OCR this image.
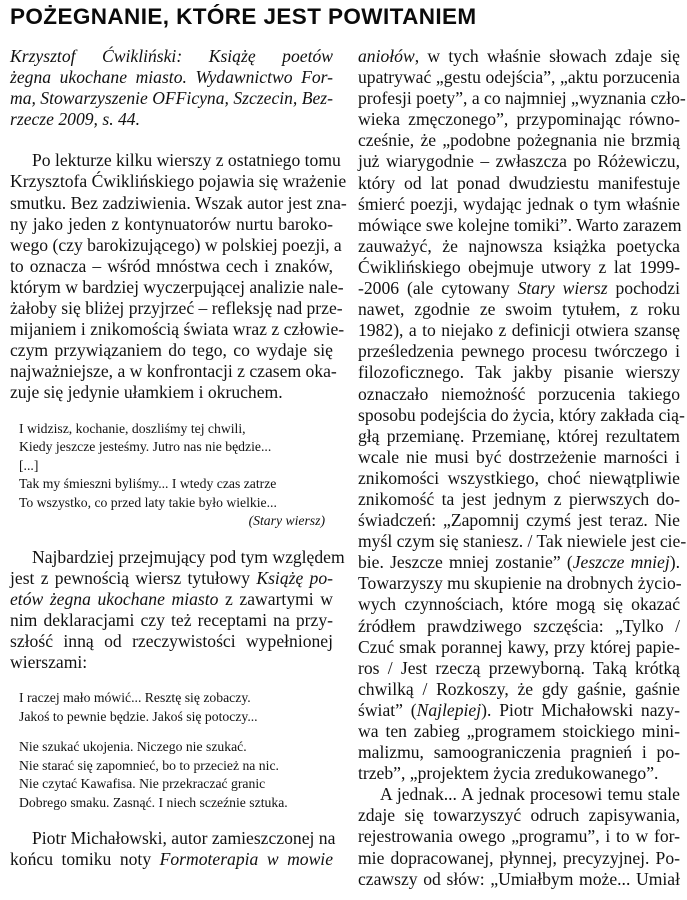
POŻEGNANIE, KTÓRE JEST POWITANIEM
Krzysztof Ćwikliński: Książę poetów
żegna ukochane miasto. Wydawnictwo For-
ma, Stowarzyszenie OFFicyna, Szczecin, Bez-
rzecze 2009, s. 44.
Po lekturze kilku wierszy z ostatniego tomu
Krzysztofa Ćwiklińskiego pojawia się wrażenie
smutku. Bez zadziwienia. Wszak autor jest zna-
ny jako jeden z kontynuatorów nurtu baroko-
wego (czy barokizującego) w polskiej poezji, a
to oznacza – wśród mnóstwa cech i znaków,
którym w bardziej wyczerpującej analizie nale-
żałoby się bliżej przyjrzeć – refleksję nad prze-
mijaniem i znikomością świata wraz z człowie-
czym przywiązaniem do tego, co wydaje się
najważniejsze, a w konfrontacji z czasem oka-
zuje się jedynie ułamkiem i okruchem.
I widzisz, kochanie, doszliśmy tej chwili,
Kiedy jeszcze jesteśmy. Jutro nas nie będzie...
[...]
Tak my śmieszni byliśmy... I wtedy czas zatrze
To wszystko, co przed laty takie było wielkie...
(Stary wiersz)
Najbardziej przejmujący pod tym względem
jest z pewnością wiersz tytułowy Książę po-
etów żegna ukochane miasto z zawartymi w
nim deklaracjami czy też receptami na przy-
szłość inną od rzeczywistości wypełnionej
wierszami:
I raczej mało mówić... Resztę się zobaczy.
Jakoś to pewnie będzie. Jakoś się potoczy...
Nie szukać ukojenia. Niczego nie szukać.
Nie starać się zapomnieć, bo to przecież na nic.
Nie czytać Kawafisa. Nie przekraczać granic
Dobrego smaku. Zasnąć. I niech sczeźnie sztuka.
Piotr Michałowski, autor zamieszczonej na
końcu tomiku noty Formoterapia w mowie
aniołów, w tych właśnie słowach zdaje się
upatrywać „gestu odejścia”, „aktu porzucenia
profesji poety”, a co najmniej „wyznania czło-
wieka zmęczonego”, przypominając równo-
cześnie, że „podobne pożegnania nie brzmią
już wiarygodnie – zwłaszcza po Różewiczu,
który od lat ponad dwudziestu manifestuje
śmierć poezji, wydając jednak o tym właśnie
mówiące swe kolejne tomiki”. Warto zarazem
zauważyć, że najnowsza książka poetycka
Ćwiklińskiego obejmuje utwory z lat 1999-
-2006 (ale cytowany Stary wiersz pochodzi
nawet, zgodnie ze swoim tytułem, z roku
1982), a to niejako z definicji otwiera szansę
prześledzenia pewnego procesu twórczego i
filozoficznego. Tak jakby pisanie wierszy
oznaczało niemożność porzucenia takiego
sposobu podejścia do życia, który zakłada cią-
głą przemianę. Przemianę, której rezultatem
wcale nie musi być dostrzeżenie marności i
znikomości wszystkiego, choć niewątpliwie
znikomość ta jest jednym z pierwszych do-
świadczeń: „Zapomnij czymś jest teraz. Nie
myśl czym się staniesz. / Tak niewiele jest cie-
bie. Jeszcze mniej zostanie” (Jeszcze mniej).
Towarzyszy mu skupienie na drobnych życio-
wych czynnościach, które mogą się okazać
źródłem prawdziwego szczęścia: „Tylko /
Czuć smak porannej kawy, przy której papie-
ros / Jest rzeczą przewyborną. Taką krótką
chwilką / Rozkoszy, że gdy gaśnie, gaśnie
świat” (Najlepiej). Piotr Michałowski nazy-
wa ten zabieg „programem stoickiego mini-
malizmu, samoograniczenia pragnień i po-
trzeb”, „projektem życia zredukowanego”.
A jednak... A jednak procesowi temu stale
zdaje się towarzyszyć odruch zapisywania,
rejestrowania owego „programu”, i to w for-
mie dopracowanej, płynnej, precyzyjnej. Po-
czawszy od słów: „Umiałbym może... Umiał
